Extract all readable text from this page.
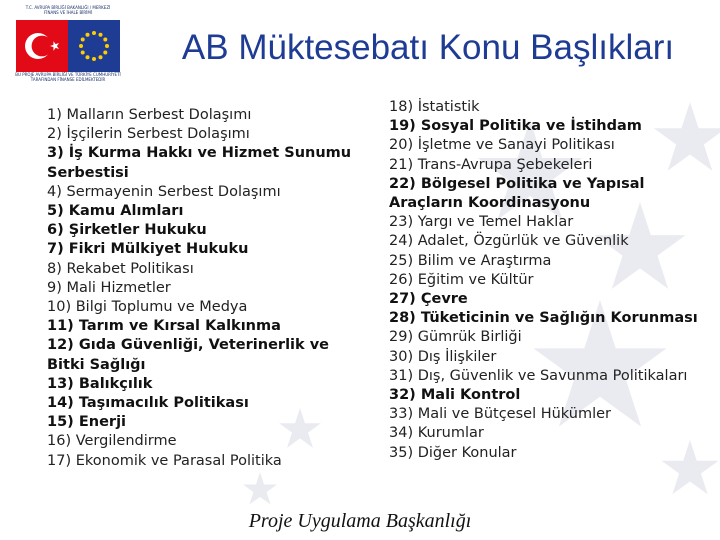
T.C. AVRUPA BİRLİĞİ BAKANLIĞI / MERKEZİ FİNANS VE İHALE BİRİMİ
BU PROJE AVRUPA BİRLİĞİ VE TÜRKİYE CUMHURİYETİ TARAFINDAN FİNANSE EDİLMEKTEDİR
AB Müktesebatı Konu Başlıkları
1) Malların Serbest Dolaşımı
2) İşçilerin Serbest Dolaşımı
3) İş Kurma Hakkı ve Hizmet Sunumu Serbestisi
4) Sermayenin Serbest Dolaşımı
5) Kamu Alımları
6) Şirketler Hukuku
7) Fikri Mülkiyet Hukuku
8) Rekabet Politikası
9) Mali Hizmetler
10) Bilgi Toplumu ve Medya
11) Tarım ve Kırsal Kalkınma
12) Gıda Güvenliği, Veterinerlik ve Bitki Sağlığı
13) Balıkçılık
14) Taşımacılık Politikası
15) Enerji
16) Vergilendirme
17) Ekonomik ve Parasal Politika
18) İstatistik
19) Sosyal Politika ve İstihdam
20) İşletme ve Sanayi Politikası
21) Trans-Avrupa Şebekeleri
22) Bölgesel Politika ve Yapısal Araçların Koordinasyonu
23) Yargı ve Temel Haklar
24) Adalet, Özgürlük ve Güvenlik
25) Bilim ve Araştırma
26) Eğitim ve Kültür
27) Çevre
28) Tüketicinin ve Sağlığın Korunması
29) Gümrük Birliği
30) Dış İlişkiler
31) Dış, Güvenlik ve Savunma Politikaları
32) Mali Kontrol
33) Mali ve Bütçesel Hükümler
34) Kurumlar
35) Diğer Konular
Proje Uygulama Başkanlığı
